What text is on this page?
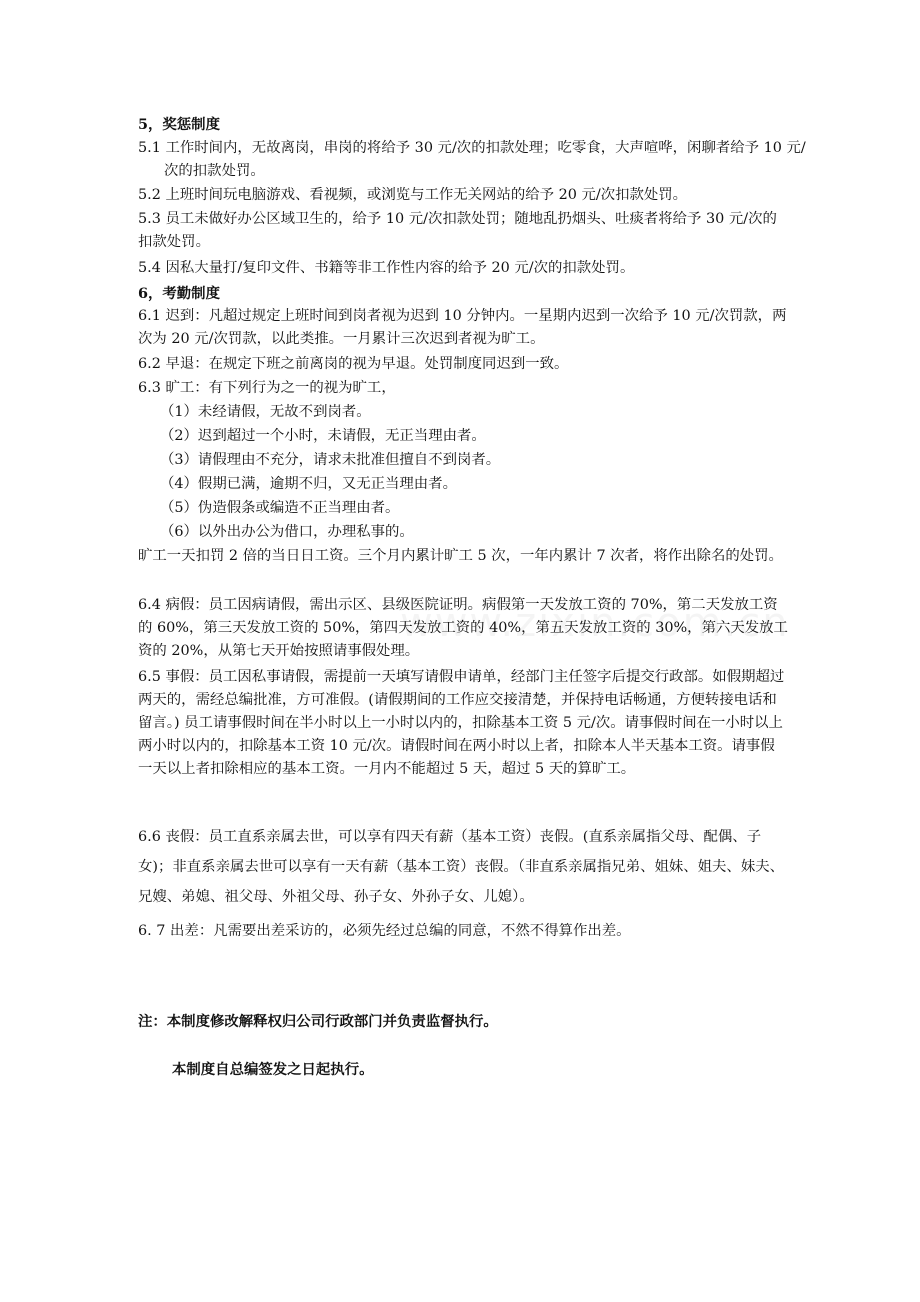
5，奖惩制度
5.1 工作时间内，无故离岗，串岗的将给予 30 元/次的扣款处理；吃零食，大声喧哗，闲聊者给予 10 元/次的扣款处罚。
5.2 上班时间玩电脑游戏、看视频，或浏览与工作无关网站的给予 20 元/次扣款处罚。
5.3 员工未做好办公区域卫生的，给予 10 元/次扣款处罚；随地乱扔烟头、吐痰者将给予 30 元/次的扣款处罚。
5.4 因私大量打/复印文件、书籍等非工作性内容的给予 20 元/次的扣款处罚。
6，考勤制度
6.1 迟到：凡超过规定上班时间到岗者视为迟到 10 分钟内。一星期内迟到一次给予 10 元/次罚款，两次为 20 元/次罚款，以此类推。一月累计三次迟到者视为旷工。
6.2 早退：在规定下班之前离岗的视为早退。处罚制度同迟到一致。
6.3 旷工：有下列行为之一的视为旷工，
（1）未经请假，无故不到岗者。
（2）迟到超过一个小时，未请假，无正当理由者。
（3）请假理由不充分，请求未批准但擅自不到岗者。
（4）假期已满，逾期不归，又无正当理由者。
（5）伪造假条或编造不正当理由者。
（6）以外出办公为借口，办理私事的。
旷工一天扣罚 2 倍的当日日工资。三个月内累计旷工 5 次，一年内累计 7 次者，将作出除名的处罚。
6.4 病假：员工因病请假，需出示区、县级医院证明。病假第一天发放工资的 70%，第二天发放工资的 60%，第三天发放工资的 50%，第四天发放工资的 40%，第五天发放工资的 30%，第六天发放工资的 20%，从第七天开始按照请事假处理。
6.5 事假：员工因私事请假，需提前一天填写请假申请单，经部门主任签字后提交行政部。如假期超过两天的，需经总编批准，方可准假。(请假期间的工作应交接清楚，并保持电话畅通，方便转接电话和留言。) 员工请事假时间在半小时以上一小时以内的，扣除基本工资 5 元/次。请事假时间在一小时以上两小时以内的，扣除基本工资 10 元/次。请假时间在两小时以上者，扣除本人半天基本工资。请事假一天以上者扣除相应的基本工资。一月内不能超过 5 天，超过 5 天的算旷工。
6.6 丧假：员工直系亲属去世，可以享有四天有薪（基本工资）丧假。(直系亲属指父母、配偶、子女)；非直系亲属去世可以享有一天有薪（基本工资）丧假。（非直系亲属指兄弟、姐妹、姐夫、妹夫、兄嫂、弟媳、祖父母、外祖父母、孙子女、外孙子女、儿媳）。
6. 7 出差：凡需要出差采访的，必须先经过总编的同意，不然不得算作出差。
注：本制度修改解释权归公司行政部门并负责监督执行。
本制度自总编签发之日起执行。
